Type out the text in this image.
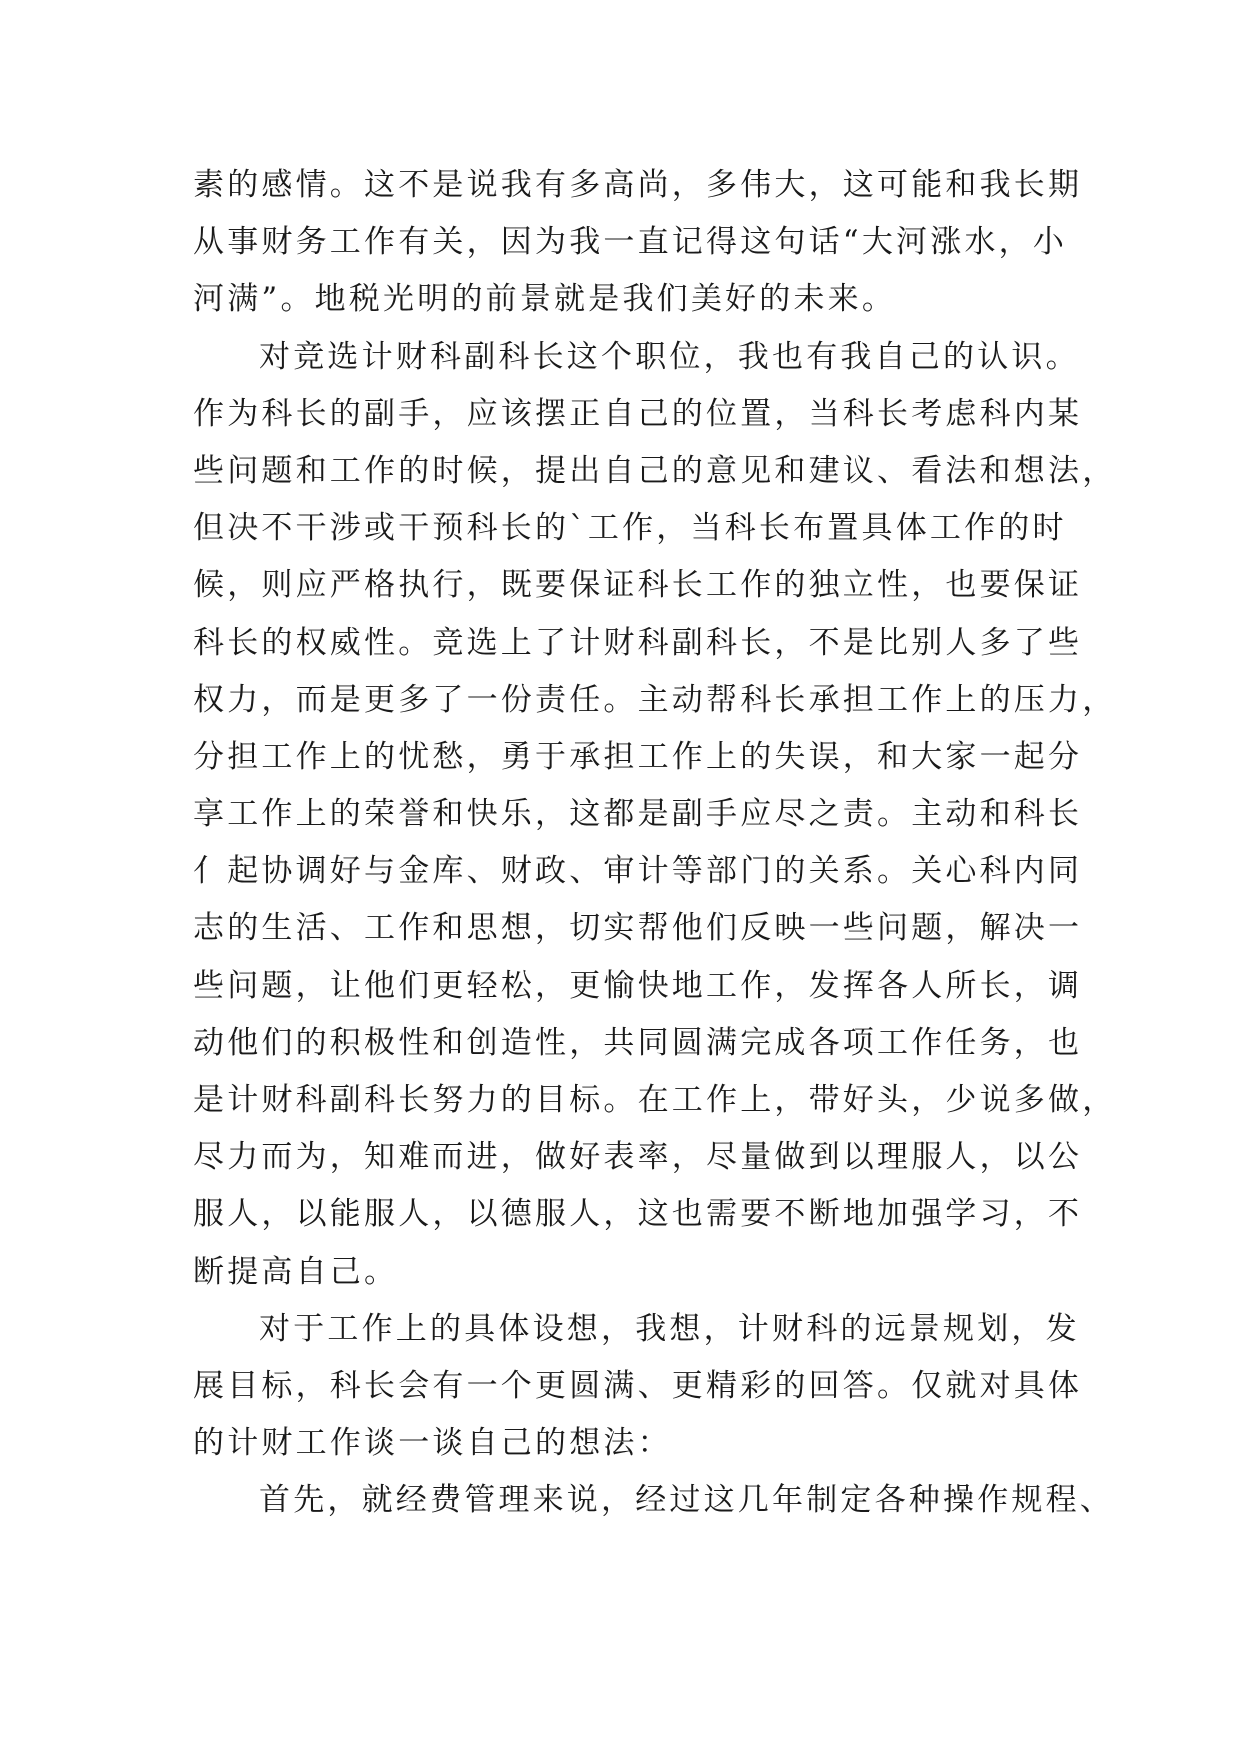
素的感情。这不是说我有多高尚，多伟大，这可能和我长期
从事财务工作有关，因为我一直记得这句话“大河涨水，小
河满”。地税光明的前景就是我们美好的未来。
对竞选计财科副科长这个职位，我也有我自己的认识。
作为科长的副手，应该摆正自己的位置，当科长考虑科内某
些问题和工作的时候，提出自己的意见和建议、看法和想法，
但决不干涉或干预科长的`工作，当科长布置具体工作的时
候，则应严格执行，既要保证科长工作的独立性，也要保证
科长的权威性。竞选上了计财科副科长，不是比别人多了些
权力，而是更多了一份责任。主动帮科长承担工作上的压力，
分担工作上的忧愁，勇于承担工作上的失误，和大家一起分
享工作上的荣誉和快乐，这都是副手应尽之责。主动和科长
亻起协调好与金库、财政、审计等部门的关系。关心科内同
志的生活、工作和思想，切实帮他们反映一些问题，解决一
些问题，让他们更轻松，更愉快地工作，发挥各人所长，调
动他们的积极性和创造性，共同圆满完成各项工作任务，也
是计财科副科长努力的目标。在工作上，带好头，少说多做，
尽力而为，知难而进，做好表率，尽量做到以理服人，以公
服人，以能服人，以德服人，这也需要不断地加强学习，不
断提高自己。
对于工作上的具体设想，我想，计财科的远景规划，发
展目标，科长会有一个更圆满、更精彩的回答。仅就对具体
的计财工作谈一谈自己的想法：
首先，就经费管理来说，经过这几年制定各种操作规程、
